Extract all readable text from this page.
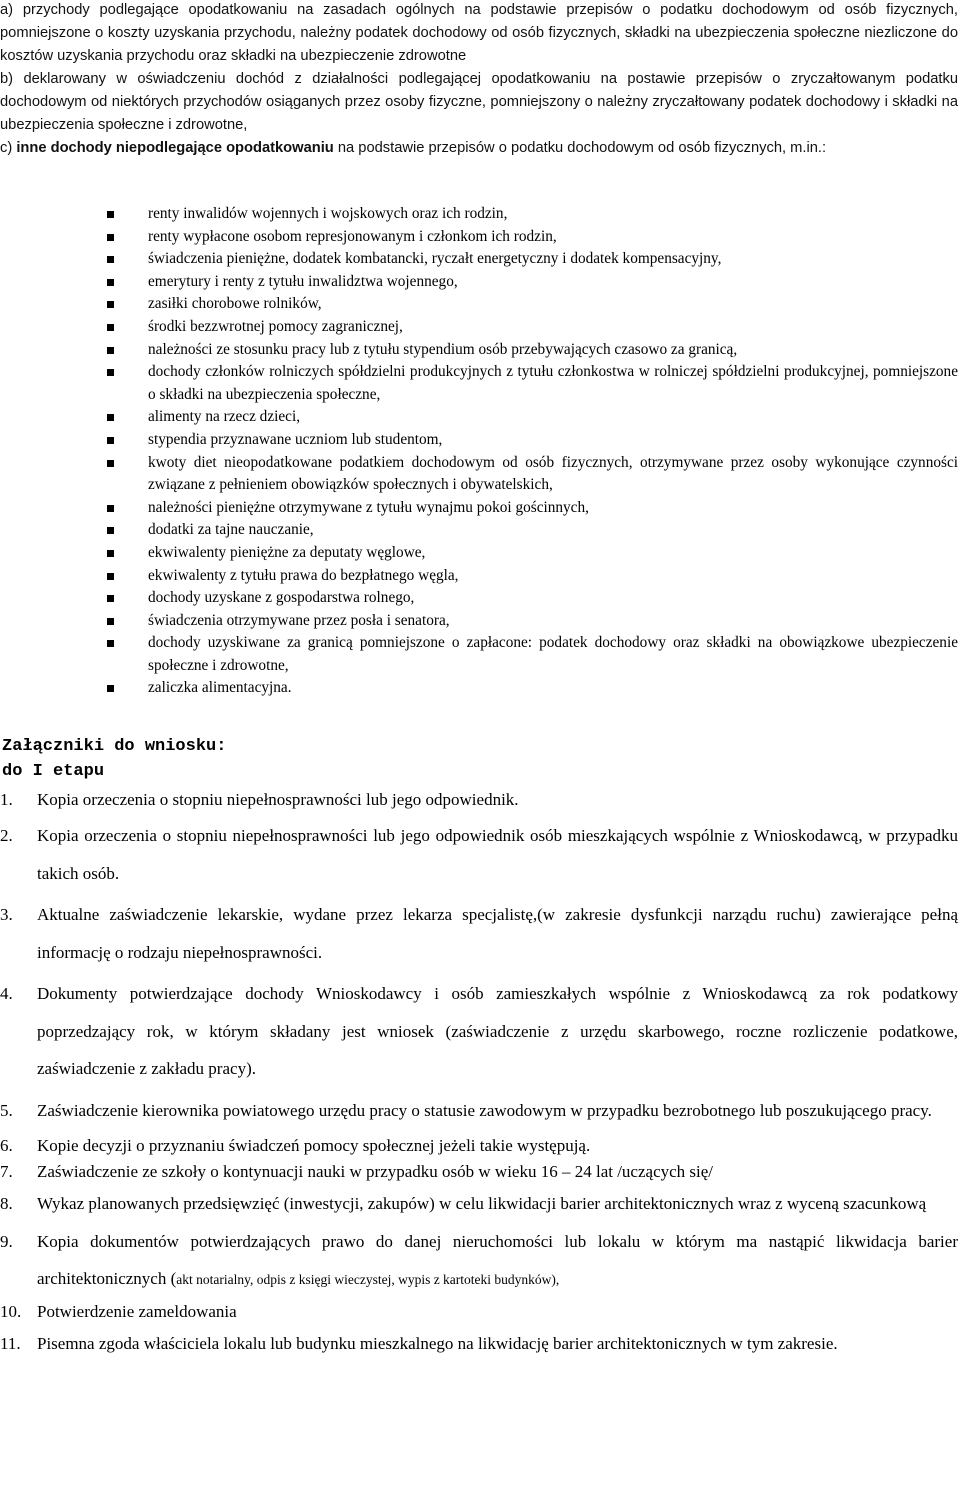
a) przychody podlegające opodatkowaniu na zasadach ogólnych na podstawie przepisów o podatku dochodowym od osób fizycznych, pomniejszone o koszty uzyskania przychodu, należny podatek dochodowy od osób fizycznych, składki na ubezpieczenia społeczne niezliczone do kosztów uzyskania przychodu oraz składki na ubezpieczenie zdrowotne

b) deklarowany w oświadczeniu dochód z działalności podlegającej opodatkowaniu na postawie przepisów o zryczałtowanym podatku dochodowym od niektórych przychodów osiąganych przez osoby fizyczne, pomniejszony o należny zryczałtowany podatek dochodowy i składki na ubezpieczenia społeczne i zdrowotne,

c) inne dochody niepodlegające opodatkowaniu na podstawie przepisów o podatku dochodowym od osób fizycznych, m.in.:

renty inwalidów wojennych i wojskowych oraz ich rodzin,
renty wypłacone osobom represjonowanym i członkom ich rodzin,
świadczenia pieniężne, dodatek kombatancki, ryczałt energetyczny i dodatek kompensacyjny,
emerytury i renty z tytułu inwalidztwa wojennego,
zasiłki chorobowe rolników,
środki bezzwrotnej pomocy zagranicznej,
należności ze stosunku pracy lub z tytułu stypendium osób przebywających czasowo za granicą,
dochody członków rolniczych spółdzielni produkcyjnych z tytułu członkostwa w rolniczej spółdzielni produkcyjnej, pomniejszone o składki na ubezpieczenia społeczne,
alimenty na rzecz dzieci,
stypendia przyznawane uczniom lub studentom,
kwoty diet nieopodatkowane podatkiem dochodowym od osób fizycznych, otrzymywane przez osoby wykonujące czynności związane z pełnieniem obowiązków społecznych i obywatelskich,
należności pieniężne otrzymywane z tytułu wynajmu pokoi gościnnych,
dodatki za tajne nauczanie,
ekwiwalenty pieniężne za deputaty węglowe,
ekwiwalenty z tytułu prawa do bezpłatnego węgla,
dochody uzyskane z gospodarstwa rolnego,
świadczenia otrzymywane przez posła i senatora,
dochody uzyskiwane za granicą pomniejszone o zapłacone: podatek dochodowy oraz składki na obowiązkowe ubezpieczenie społeczne i zdrowotne,
zaliczka alimentacyjna.

Załączniki do wniosku:

do I etapu

1. Kopia orzeczenia o stopniu niepełnosprawności lub jego odpowiednik.
2. Kopia orzeczenia o stopniu niepełnosprawności lub jego odpowiednik osób mieszkających wspólnie z Wnioskodawcą, w przypadku takich osób.
3. Aktualne zaświadczenie lekarskie, wydane przez lekarza specjalistę,(w zakresie dysfunkcji narządu ruchu) zawierające pełną informację o rodzaju niepełnosprawności.
4. Dokumenty potwierdzające dochody Wnioskodawcy i osób zamieszkałych wspólnie z Wnioskodawcą za rok podatkowy poprzedzający rok, w którym składany jest wniosek (zaświadczenie z urzędu skarbowego, roczne rozliczenie podatkowe, zaświadczenie z zakładu pracy).
5. Zaświadczenie kierownika powiatowego urzędu pracy o statusie zawodowym w przypadku bezrobotnego lub poszukującego pracy.
6. Kopie decyzji o przyznaniu świadczeń pomocy społecznej jeżeli takie występują.
7. Zaświadczenie ze szkoły o kontynuacji nauki w przypadku osób w wieku 16 – 24 lat /uczących się/
8. Wykaz planowanych przedsięwzięć (inwestycji, zakupów) w celu likwidacji barier architektonicznych wraz z wyceną szacunkową
9. Kopia dokumentów potwierdzających prawo do danej nieruchomości lub lokalu w którym ma nastąpić likwidacja barier architektonicznych (akt notarialny, odpis z księgi wieczystej, wypis z kartoteki budynków),
10. Potwierdzenie zameldowania
11. Pisemna zgoda właściciela lokalu lub budynku mieszkalnego na likwidację barier architektonicznych w tym zakresie.
